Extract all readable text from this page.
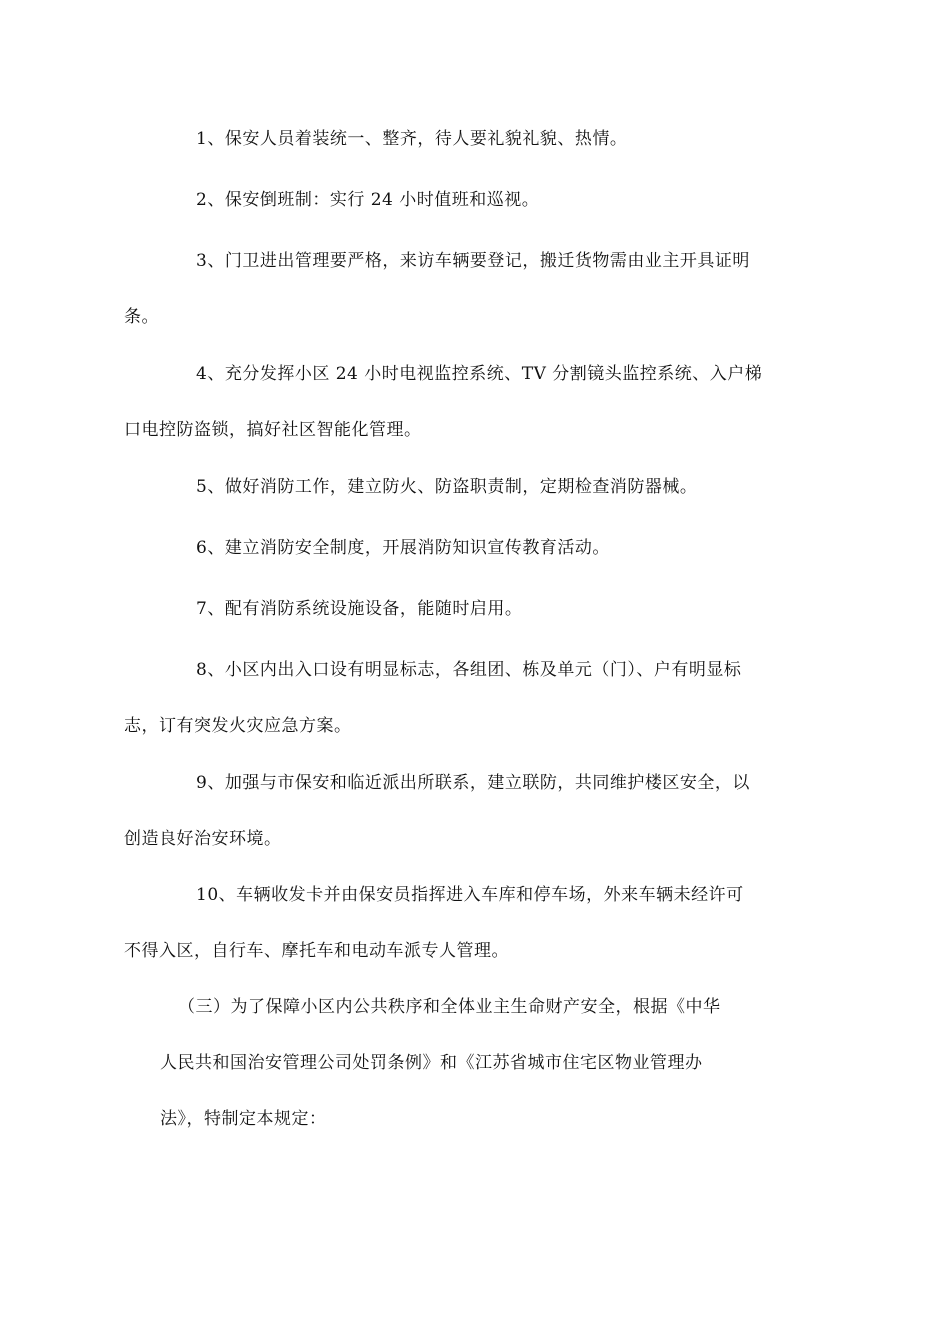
1、保安人员着装统一、整齐，待人要礼貌礼貌、热情。
2、保安倒班制：实行 24 小时值班和巡视。
3、门卫进出管理要严格，来访车辆要登记，搬迁货物需由业主开具证明
条。
4、充分发挥小区 24 小时电视监控系统、TV 分割镜头监控系统、入户梯
口电控防盗锁，搞好社区智能化管理。
5、做好消防工作，建立防火、防盗职责制，定期检查消防器械。
6、建立消防安全制度，开展消防知识宣传教育活动。
7、配有消防系统设施设备，能随时启用。
8、小区内出入口设有明显标志，各组团、栋及单元（门）、户有明显标
志，订有突发火灾应急方案。
9、加强与市保安和临近派出所联系，建立联防，共同维护楼区安全，以
创造良好治安环境。
10、车辆收发卡并由保安员指挥进入车库和停车场，外来车辆未经许可
不得入区，自行车、摩托车和电动车派专人管理。
（三）为了保障小区内公共秩序和全体业主生命财产安全，根据《中华
人民共和国治安管理公司处罚条例》和《江苏省城市住宅区物业管理办
法》，特制定本规定：
